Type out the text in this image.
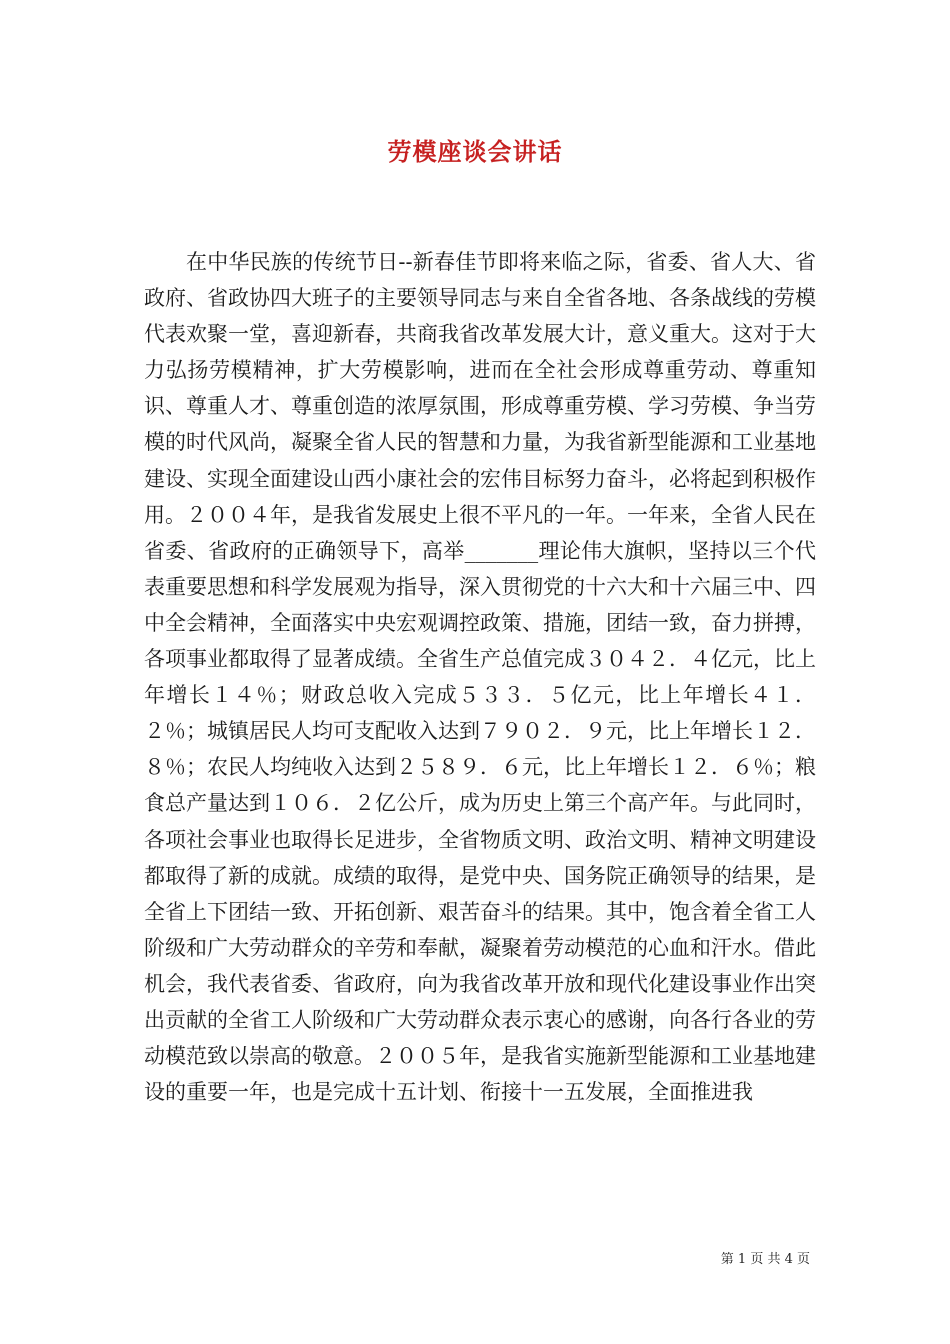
劳模座谈会讲话

在中华民族的传统节日--新春佳节即将来临之际，省委、省人大、省政府、省政协四大班子的主要领导同志与来自全省各地、各条战线的劳模代表欢聚一堂，喜迎新春，共商我省改革发展大计，意义重大。这对于大力弘扬劳模精神，扩大劳模影响，进而在全社会形成尊重劳动、尊重知识、尊重人才、尊重创造的浓厚氛围，形成尊重劳模、学习劳模、争当劳模的时代风尚，凝聚全省人民的智慧和力量，为我省新型能源和工业基地建设、实现全面建设山西小康社会的宏伟目标努力奋斗，必将起到积极作用。２００４年，是我省发展史上很不平凡的一年。一年来，全省人民在省委、省政府的正确领导下，高举_______理论伟大旗帜，坚持以三个代表重要思想和科学发展观为指导，深入贯彻党的十六大和十六届三中、四中全会精神，全面落实中央宏观调控政策、措施，团结一致，奋力拼搏，各项事业都取得了显著成绩。全省生产总值完成３０４２．４亿元，比上年增长１４％；财政总收入完成５３３．５亿元，比上年增长４１．２％；城镇居民人均可支配收入达到７９０２．９元，比上年增长１２．８％；农民人均纯收入达到２５８９．６元，比上年增长１２．６％；粮食总产量达到１０６．２亿公斤，成为历史上第三个高产年。与此同时，各项社会事业也取得长足进步，全省物质文明、政治文明、精神文明建设都取得了新的成就。成绩的取得，是党中央、国务院正确领导的结果，是全省上下团结一致、开拓创新、艰苦奋斗的结果。其中，饱含着全省工人阶级和广大劳动群众的辛劳和奉献，凝聚着劳动模范的心血和汗水。借此机会，我代表省委、省政府，向为我省改革开放和现代化建设事业作出突出贡献的全省工人阶级和广大劳动群众表示衷心的感谢，向各行各业的劳动模范致以崇高的敬意。２００５年，是我省实施新型能源和工业基地建设的重要一年，也是完成十五计划、衔接十一五发展，全面推进我

第 1 页 共 4 页
